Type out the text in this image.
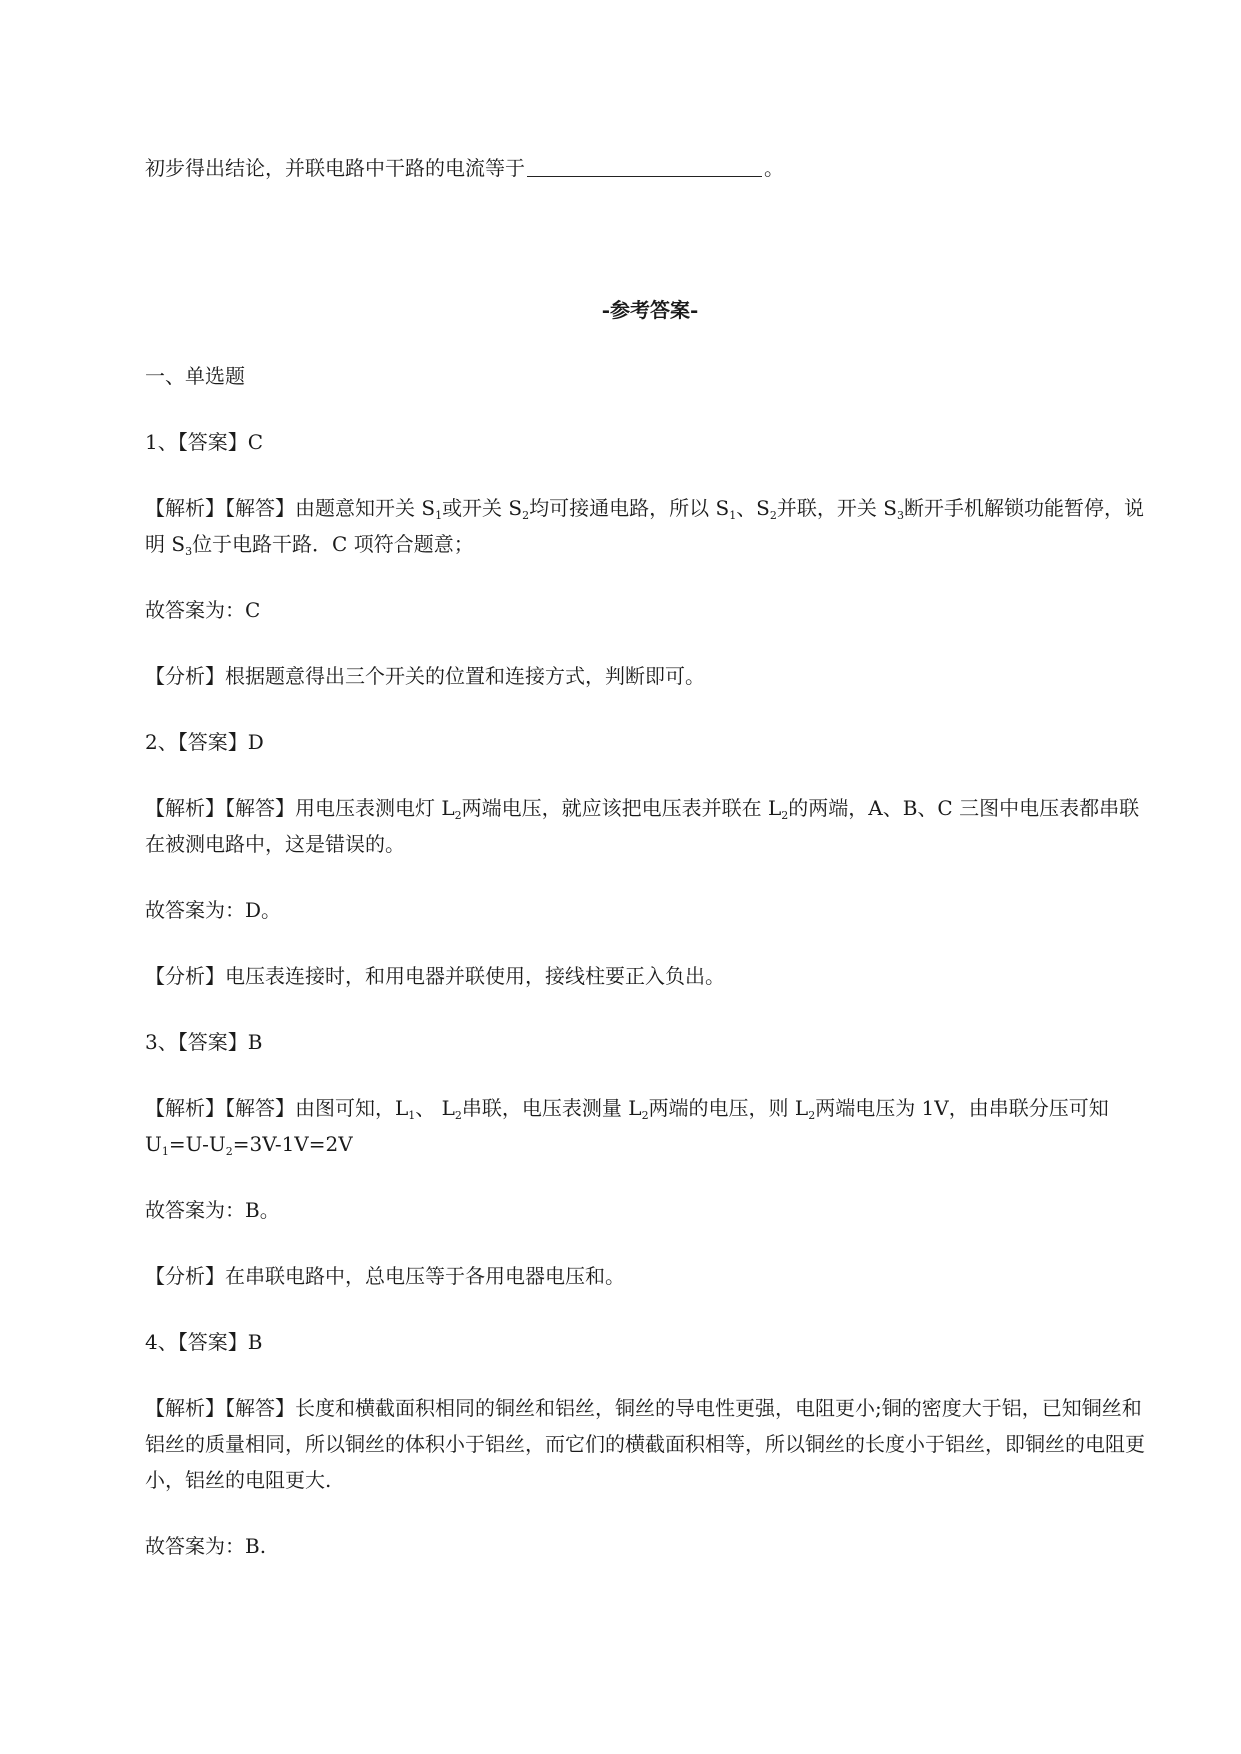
初步得出结论，并联电路中干路的电流等于	。

-参考答案-

一、单选题

1、【答案】C

【解析】【解答】由题意知开关 $S_1$或开关 $S_2$均可接通电路，所以 $S_1$、$S_2$并联，开关 $S_3$断开手机解锁功能暂停，说明 $S_3$位于电路干路．C 项符合题意；

故答案为：C

【分析】根据题意得出三个开关的位置和连接方式，判断即可。

2、【答案】D

【解析】【解答】用电压表测电灯 $L_2$两端电压，就应该把电压表并联在 $L_2$的两端，A、B、C 三图中电压表都串联在被测电路中，这是错误的。

故答案为：D。

【分析】电压表连接时，和用电器并联使用，接线柱要正入负出。

3、【答案】B

【解析】【解答】由图可知，$L_1$、 $L_2$串联，电压表测量 $L_2$两端的电压，则 $L_2$两端电压为 1V，由串联分压可知 $U_1=U-U_2=3V-1V=2V$

故答案为：B。

【分析】在串联电路中，总电压等于各用电器电压和。

4、【答案】B

【解析】【解答】长度和横截面积相同的铜丝和铝丝，铜丝的导电性更强，电阻更小;铜的密度大于铝，已知铜丝和铝丝的质量相同，所以铜丝的体积小于铝丝，而它们的横截面积相等，所以铜丝的长度小于铝丝，即铜丝的电阻更小，铝丝的电阻更大.

故答案为：B.
